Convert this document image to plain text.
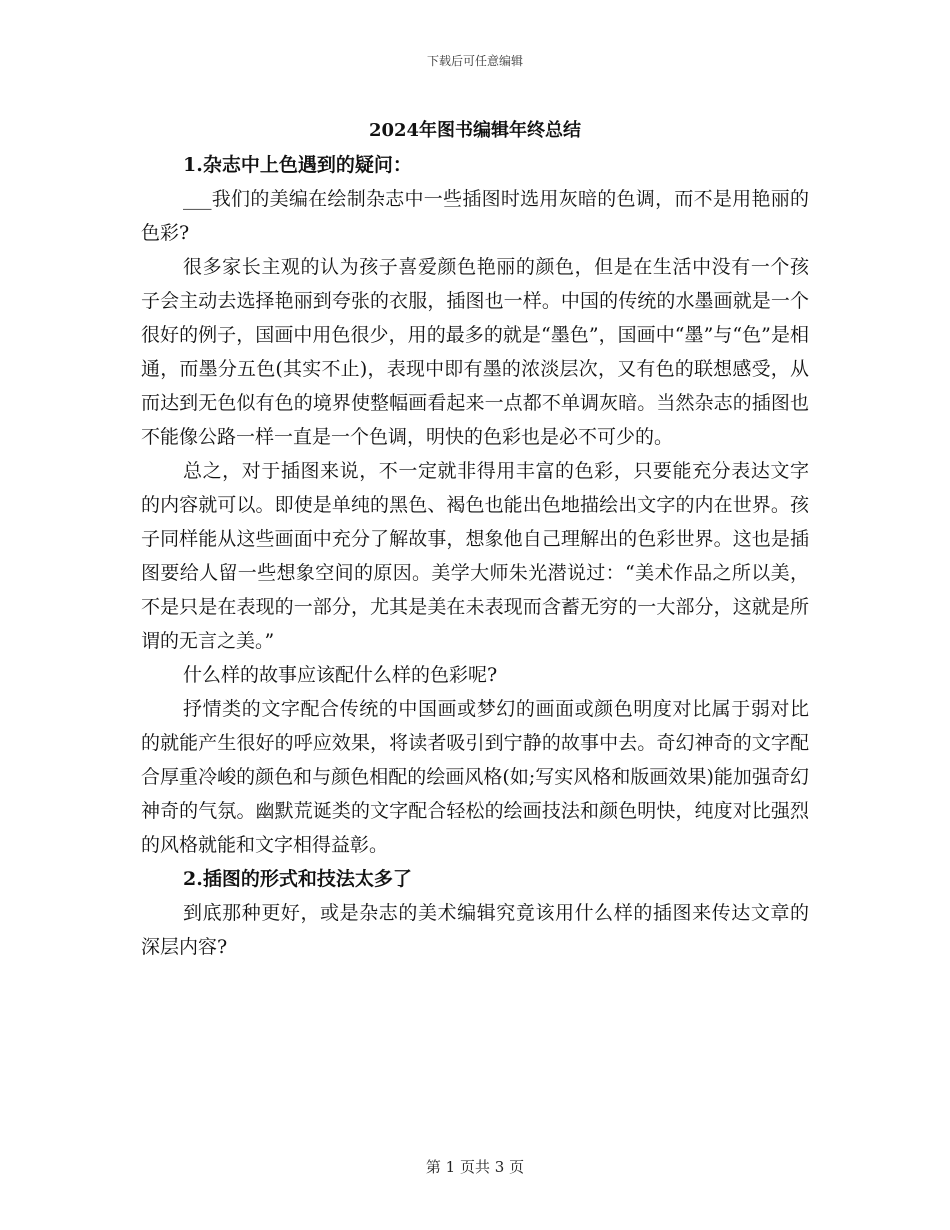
下载后可任意编辑
2024年图书编辑年终总结

1.杂志中上色遇到的疑问：

___我们的美编在绘制杂志中一些插图时选用灰暗的色调，而不是用艳丽的色彩?

很多家长主观的认为孩子喜爱颜色艳丽的颜色，但是在生活中没有一个孩子会主动去选择艳丽到夸张的衣服，插图也一样。中国的传统的水墨画就是一个很好的例子，国画中用色很少，用的最多的就是“墨色”，国画中“墨”与“色”是相通，而墨分五色(其实不止)，表现中即有墨的浓淡层次，又有色的联想感受，从而达到无色似有色的境界使整幅画看起来一点都不单调灰暗。当然杂志的插图也不能像公路一样一直是一个色调，明快的色彩也是必不可少的。

总之，对于插图来说，不一定就非得用丰富的色彩，只要能充分表达文字的内容就可以。即使是单纯的黑色、褐色也能出色地描绘出文字的内在世界。孩子同样能从这些画面中充分了解故事，想象他自己理解出的色彩世界。这也是插图要给人留一些想象空间的原因。美学大师朱光潜说过：“美术作品之所以美，不是只是在表现的一部分，尤其是美在未表现而含蓄无穷的一大部分，这就是所谓的无言之美。”

什么样的故事应该配什么样的色彩呢?

抒情类的文字配合传统的中国画或梦幻的画面或颜色明度对比属于弱对比的就能产生很好的呼应效果，将读者吸引到宁静的故事中去。奇幻神奇的文字配合厚重冷峻的颜色和与颜色相配的绘画风格(如;写实风格和版画效果)能加强奇幻神奇的气氛。幽默荒诞类的文字配合轻松的绘画技法和颜色明快，纯度对比强烈的风格就能和文字相得益彰。

2.插图的形式和技法太多了

到底那种更好，或是杂志的美术编辑究竟该用什么样的插图来传达文章的深层内容?

第 1 页共 3 页
